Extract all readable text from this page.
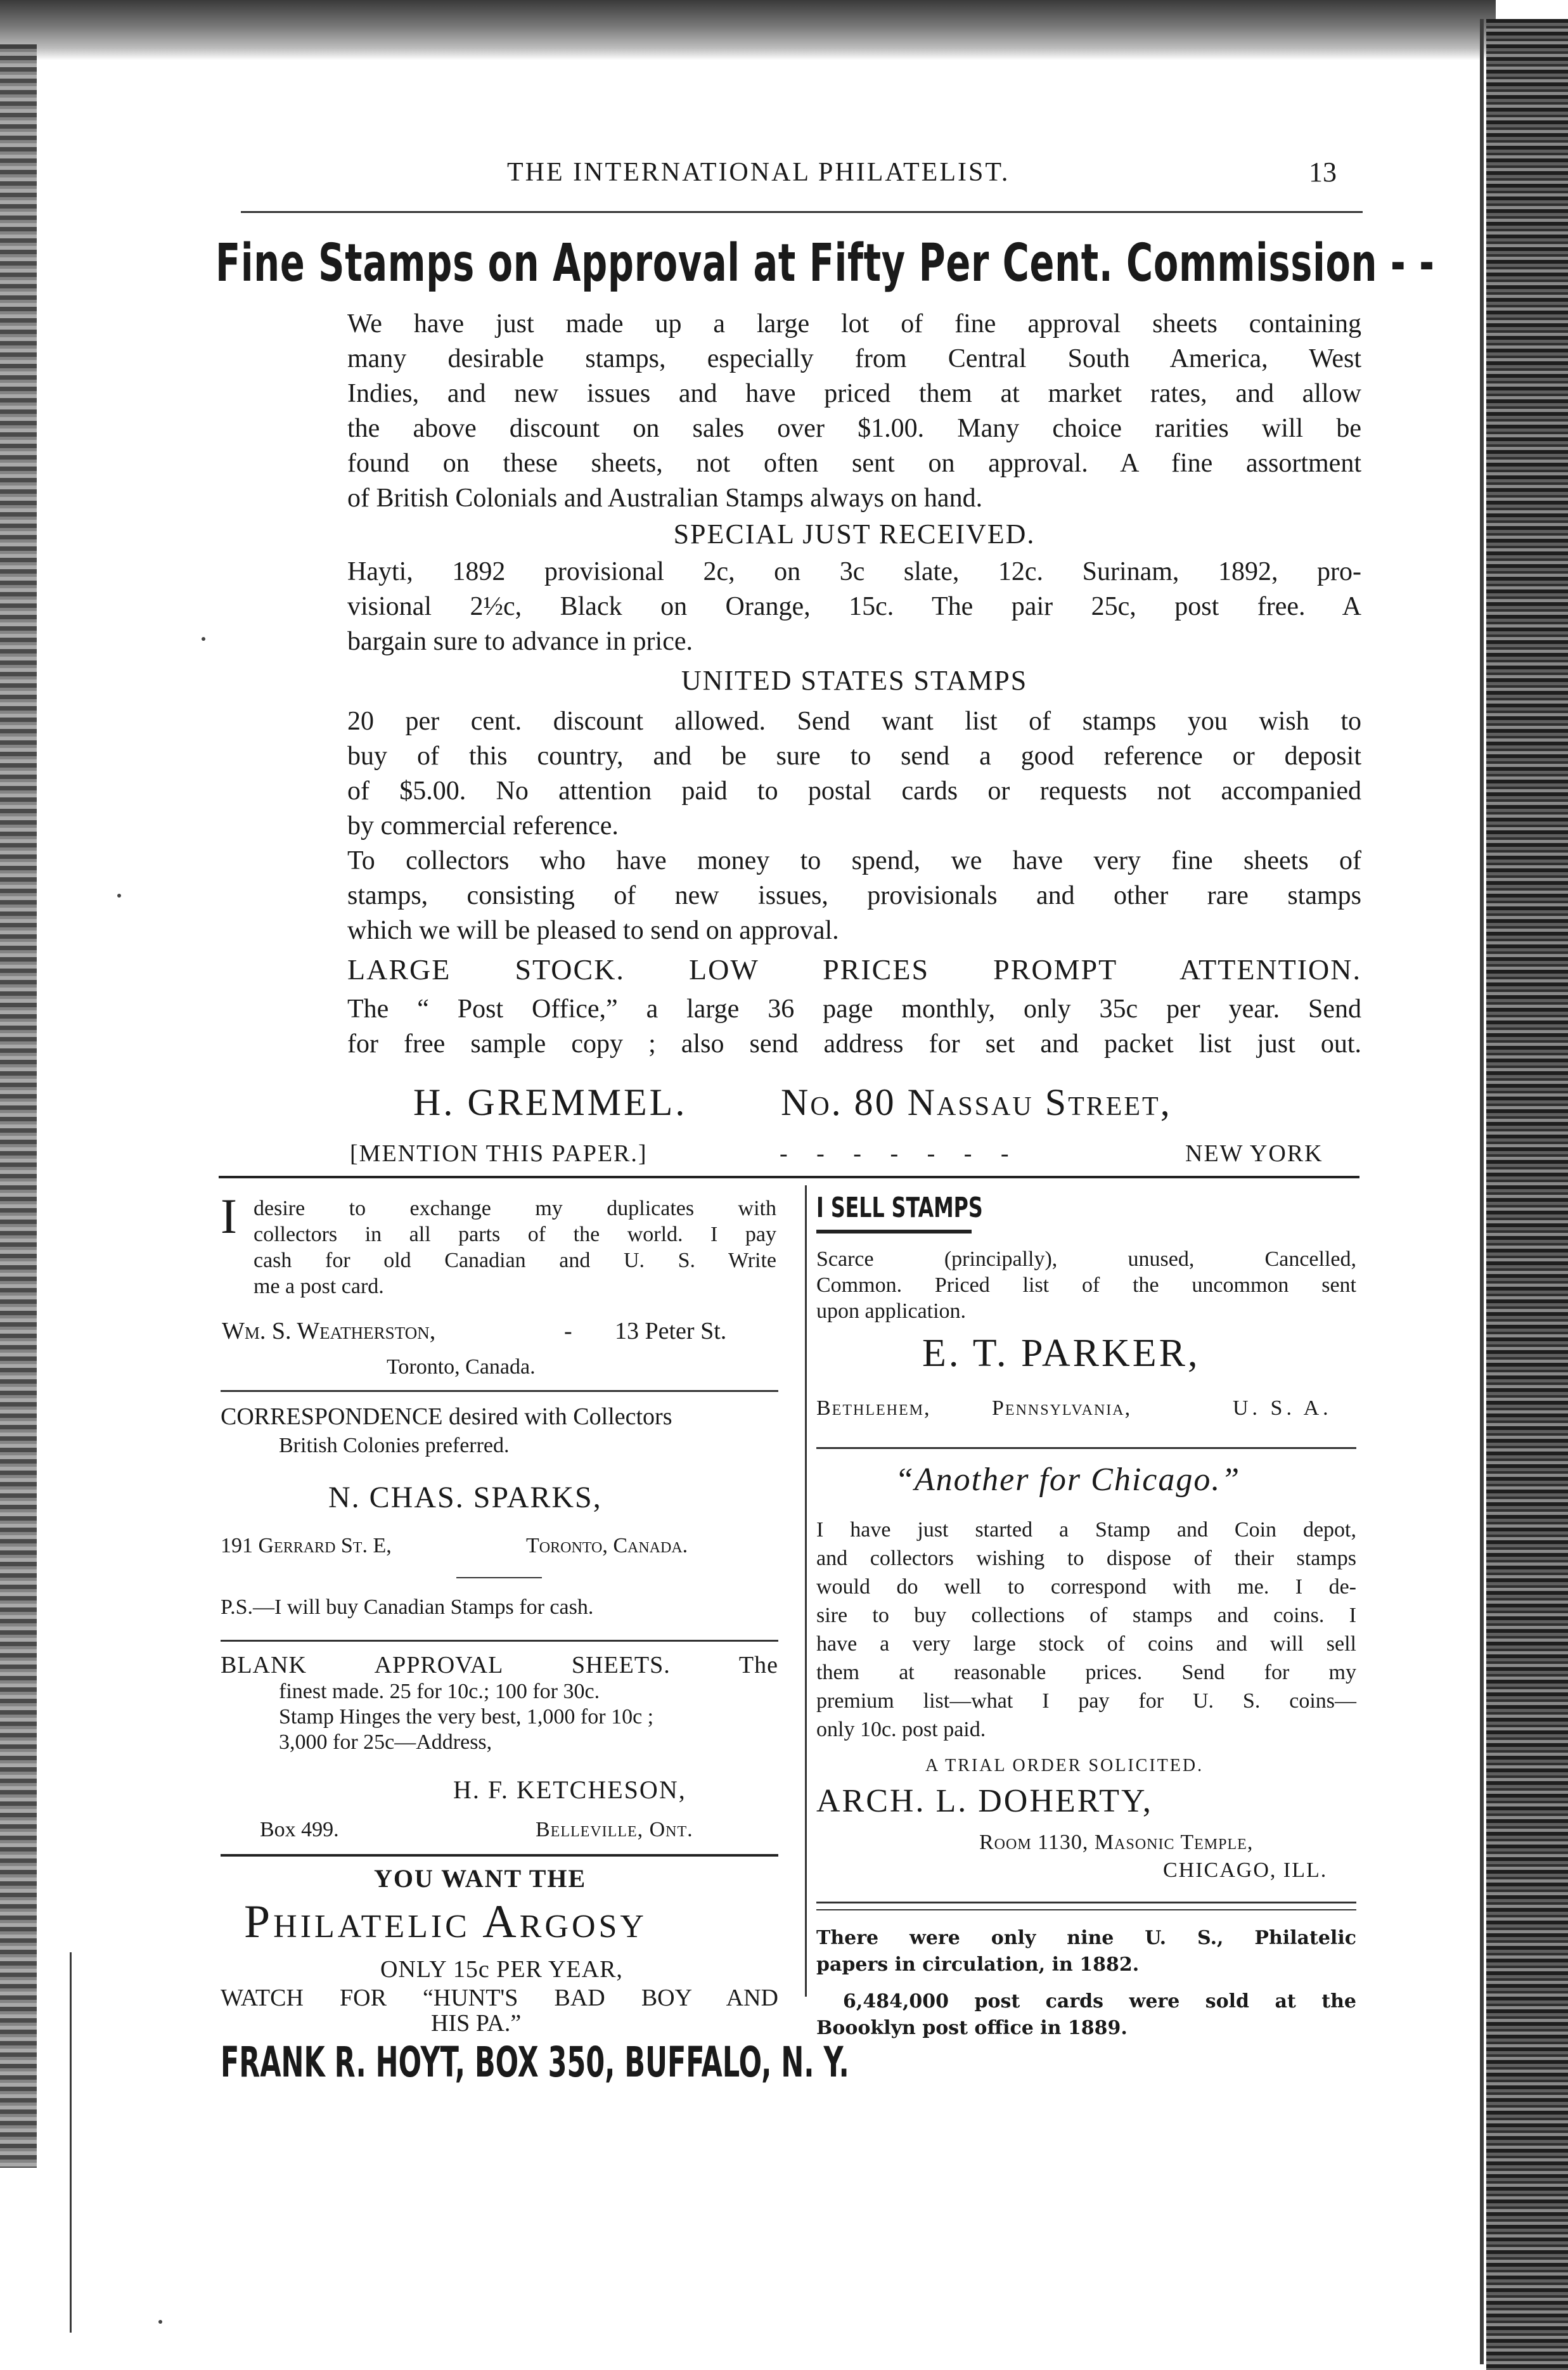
THE INTERNATIONAL PHILATELIST.	13
Fine Stamps on Approval at Fifty Per Cent. Commission - -
We have just made up a large lot of fine approval sheets containing
many desirable stamps, especially from Central South America, West
Indies, and new issues and have priced them at market rates, and allow
the above discount on sales over $1.00. Many choice rarities will be
found on these sheets, not often sent on approval. A fine assortment
of British Colonials and Australian Stamps always on hand.
SPECIAL JUST RECEIVED.
Hayti, 1892 provisional 2c, on 3c slate, 12c. Surinam, 1892, pro-
visional 2½c, Black on Orange, 15c. The pair 25c, post free. A
bargain sure to advance in price.
UNITED STATES STAMPS
20 per cent. discount allowed. Send want list of stamps you wish to
buy of this country, and be sure to send a good reference or deposit
of $5.00. No attention paid to postal cards or requests not accompanied
by commercial reference.
To collectors who have money to spend, we have very fine sheets of
stamps, consisting of new issues, provisionals and other rare stamps
which we will be pleased to send on approval.
LARGE STOCK. LOW PRICES PROMPT ATTENTION.
The “ Post Office,” a large 36 page monthly, only 35c per year. Send
for free sample copy ; also send address for set and packet list just out.
H. GREMMEL. No. 80 Nassau Street,
[MENTION THIS PAPER.]	- - - - - - -	NEW YORK
I desire to exchange my duplicates with
collectors in all parts of the world. I pay
cash for old Canadian and U. S. Write
me a post card.
Wm. S. Weatherston,	- 13 Peter St.
Toronto, Canada.
CORRESPONDENCE desired with Collectors
British Colonies preferred.
N. CHAS. SPARKS,
191 Gerrard St. E,	Toronto, Canada.
P.S.—I will buy Canadian Stamps for cash.
BLANK APPROVAL SHEETS. The
finest made. 25 for 10c.; 100 for 30c.
Stamp Hinges the very best, 1,000 for 10c ;
3,000 for 25c—Address,
H. F. KETCHESON,
Box 499.	Belleville, Ont.
YOU WANT THE
Philatelic Argosy
ONLY 15c PER YEAR,
WATCH FOR “HUNT'S BAD BOY AND
HIS PA.”
FRANK R. HOYT, BOX 350, BUFFALO, N. Y.
I SELL STAMPS
Scarce (principally), unused, Cancelled,
Common. Priced list of the uncommon sent
upon application.
E. T. PARKER,
Bethlehem,	Pennsylvania,	U. S. A.
“Another for Chicago.”
I have just started a Stamp and Coin depot,
and collectors wishing to dispose of their stamps
would do well to correspond with me. I de-
sire to buy collections of stamps and coins. I
have a very large stock of coins and will sell
them at reasonable prices. Send for my
premium list—what I pay for U. S. coins—
only 10c. post paid.
A TRIAL ORDER SOLICITED.
ARCH. L. DOHERTY,
Room 1130, Masonic Temple,
CHICAGO, ILL.
There were only nine U. S., Philatelic
papers in circulation, in 1882.
6,484,000 post cards were sold at the
Boooklyn post office in 1889.
